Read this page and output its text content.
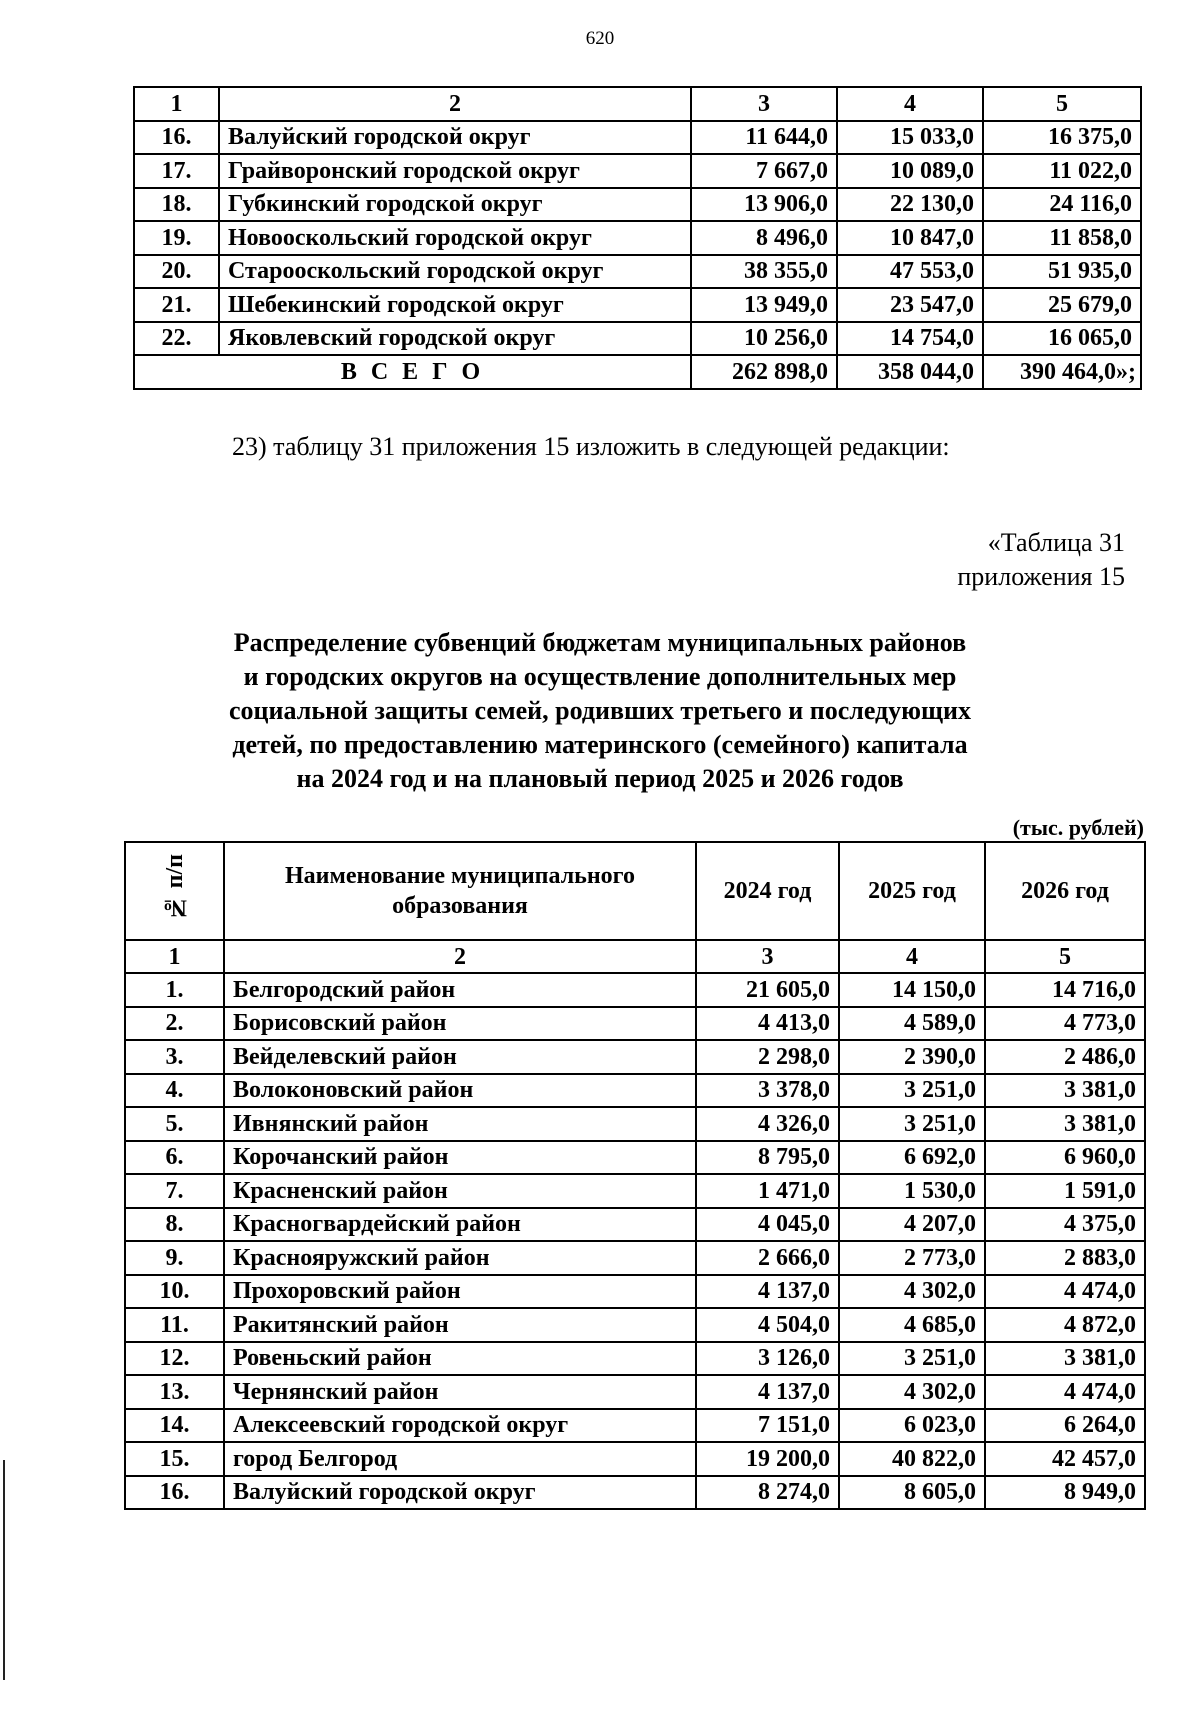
620
1	2	3	4	5
16.	Валуйский городской округ	11 644,0	15 033,0	16 375,0
17.	Грайворонский городской округ	7 667,0	10 089,0	11 022,0
18.	Губкинский городской округ	13 906,0	22 130,0	24 116,0
19.	Новооскольский городской округ	8 496,0	10 847,0	11 858,0
20.	Старооскольский городской округ	38 355,0	47 553,0	51 935,0
21.	Шебекинский городской округ	13 949,0	23 547,0	25 679,0
22.	Яковлевский городской округ	10 256,0	14 754,0	16 065,0
В С Е Г О		262 898,0	358 044,0	390 464,0»;
23) таблицу 31 приложения 15 изложить в следующей редакции:
«Таблица 31
приложения 15
Распределение субвенций бюджетам муниципальных районов
и городских округов на осуществление дополнительных мер
социальной защиты семей, родивших третьего и последующих
детей, по предоставлению материнского (семейного) капитала
на 2024 год и на плановый период 2025 и 2026 годов
(тыс. рублей)
№ п/п	Наименование муниципального образования	2024 год	2025 год	2026 год
1	2	3	4	5
1.	Белгородский район	21 605,0	14 150,0	14 716,0
2.	Борисовский район	4 413,0	4 589,0	4 773,0
3.	Вейделевский район	2 298,0	2 390,0	2 486,0
4.	Волоконовский район	3 378,0	3 251,0	3 381,0
5.	Ивнянский район	4 326,0	3 251,0	3 381,0
6.	Корочанский район	8 795,0	6 692,0	6 960,0
7.	Красненский район	1 471,0	1 530,0	1 591,0
8.	Красногвардейский район	4 045,0	4 207,0	4 375,0
9.	Краснояружский район	2 666,0	2 773,0	2 883,0
10.	Прохоровский район	4 137,0	4 302,0	4 474,0
11.	Ракитянский район	4 504,0	4 685,0	4 872,0
12.	Ровеньский район	3 126,0	3 251,0	3 381,0
13.	Чернянский район	4 137,0	4 302,0	4 474,0
14.	Алексеевский городской округ	7 151,0	6 023,0	6 264,0
15.	город Белгород	19 200,0	40 822,0	42 457,0
16.	Валуйский городской округ	8 274,0	8 605,0	8 949,0
